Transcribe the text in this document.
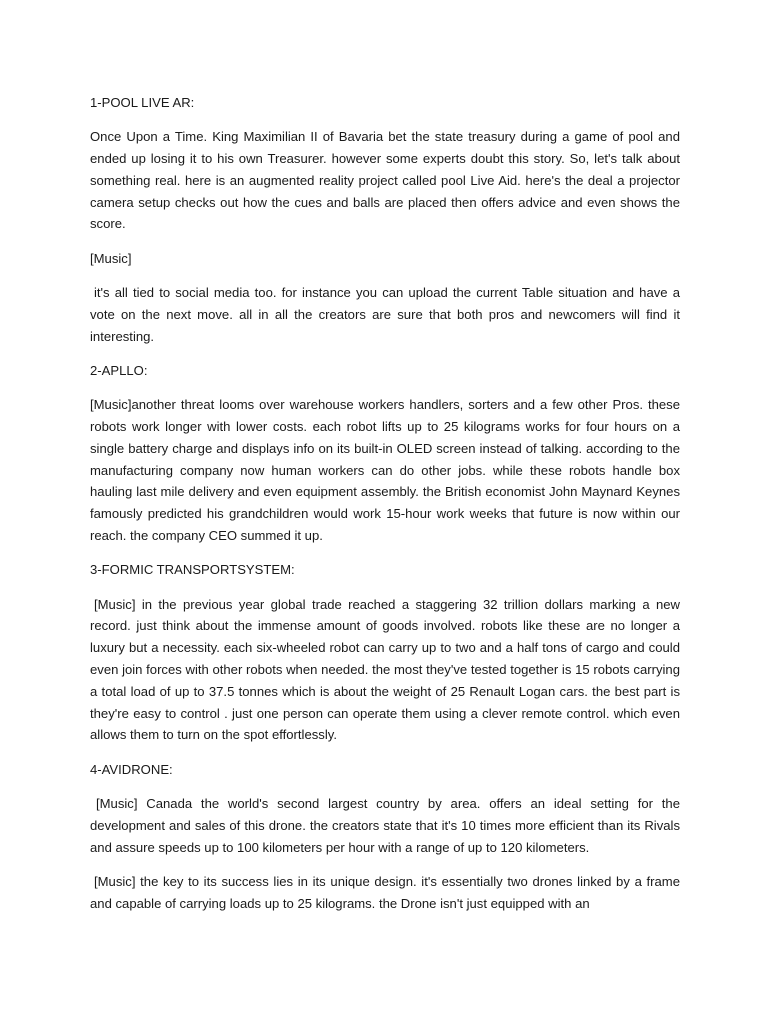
1-POOL LIVE AR:

Once Upon a Time. King Maximilian II of Bavaria bet the state treasury during a game of pool and ended up losing it to his own Treasurer. however some experts doubt this story. So, let's talk about something real. here is an augmented reality project called pool Live Aid. here's the deal a projector camera setup checks out how the cues and balls are placed then offers advice and even shows the score.

[Music]

it's all tied to social media too. for instance you can upload the current Table situation and have a vote on the next move. all in all the creators are sure that both pros and newcomers will find it interesting.

2-APLLO:

[Music]another threat looms over warehouse workers handlers, sorters and a few other Pros. these robots work longer with lower costs. each robot lifts up to 25 kilograms works for four hours on a single battery charge and displays info on its built-in OLED screen instead of talking. according to the manufacturing company now human workers can do other jobs. while these robots handle box hauling last mile delivery and even equipment assembly. the British economist John Maynard Keynes famously predicted his grandchildren would work 15-hour work weeks that future is now within our reach. the company CEO summed it up.

3-FORMIC TRANSPORTSYSTEM:

[Music] in the previous year global trade reached a staggering 32 trillion dollars marking a new record. just think about the immense amount of goods involved. robots like these are no longer a luxury but a necessity. each six-wheeled robot can carry up to two and a half tons of cargo and could even join forces with other robots when needed. the most they've tested together is 15 robots carrying a total load of up to 37.5 tonnes which is about the weight of 25 Renault Logan cars. the best part is they're easy to control . just one person can operate them using a clever remote control. which even allows them to turn on the spot effortlessly.

4-AVIDRONE:

[Music] Canada the world's second largest country by area. offers an ideal setting for the development and sales of this drone. the creators state that it's 10 times more efficient than its Rivals and assure speeds up to 100 kilometers per hour with a range of up to 120 kilometers.

[Music] the key to its success lies in its unique design. it's essentially two drones linked by a frame and capable of carrying loads up to 25 kilograms. the Drone isn't just equipped with an
